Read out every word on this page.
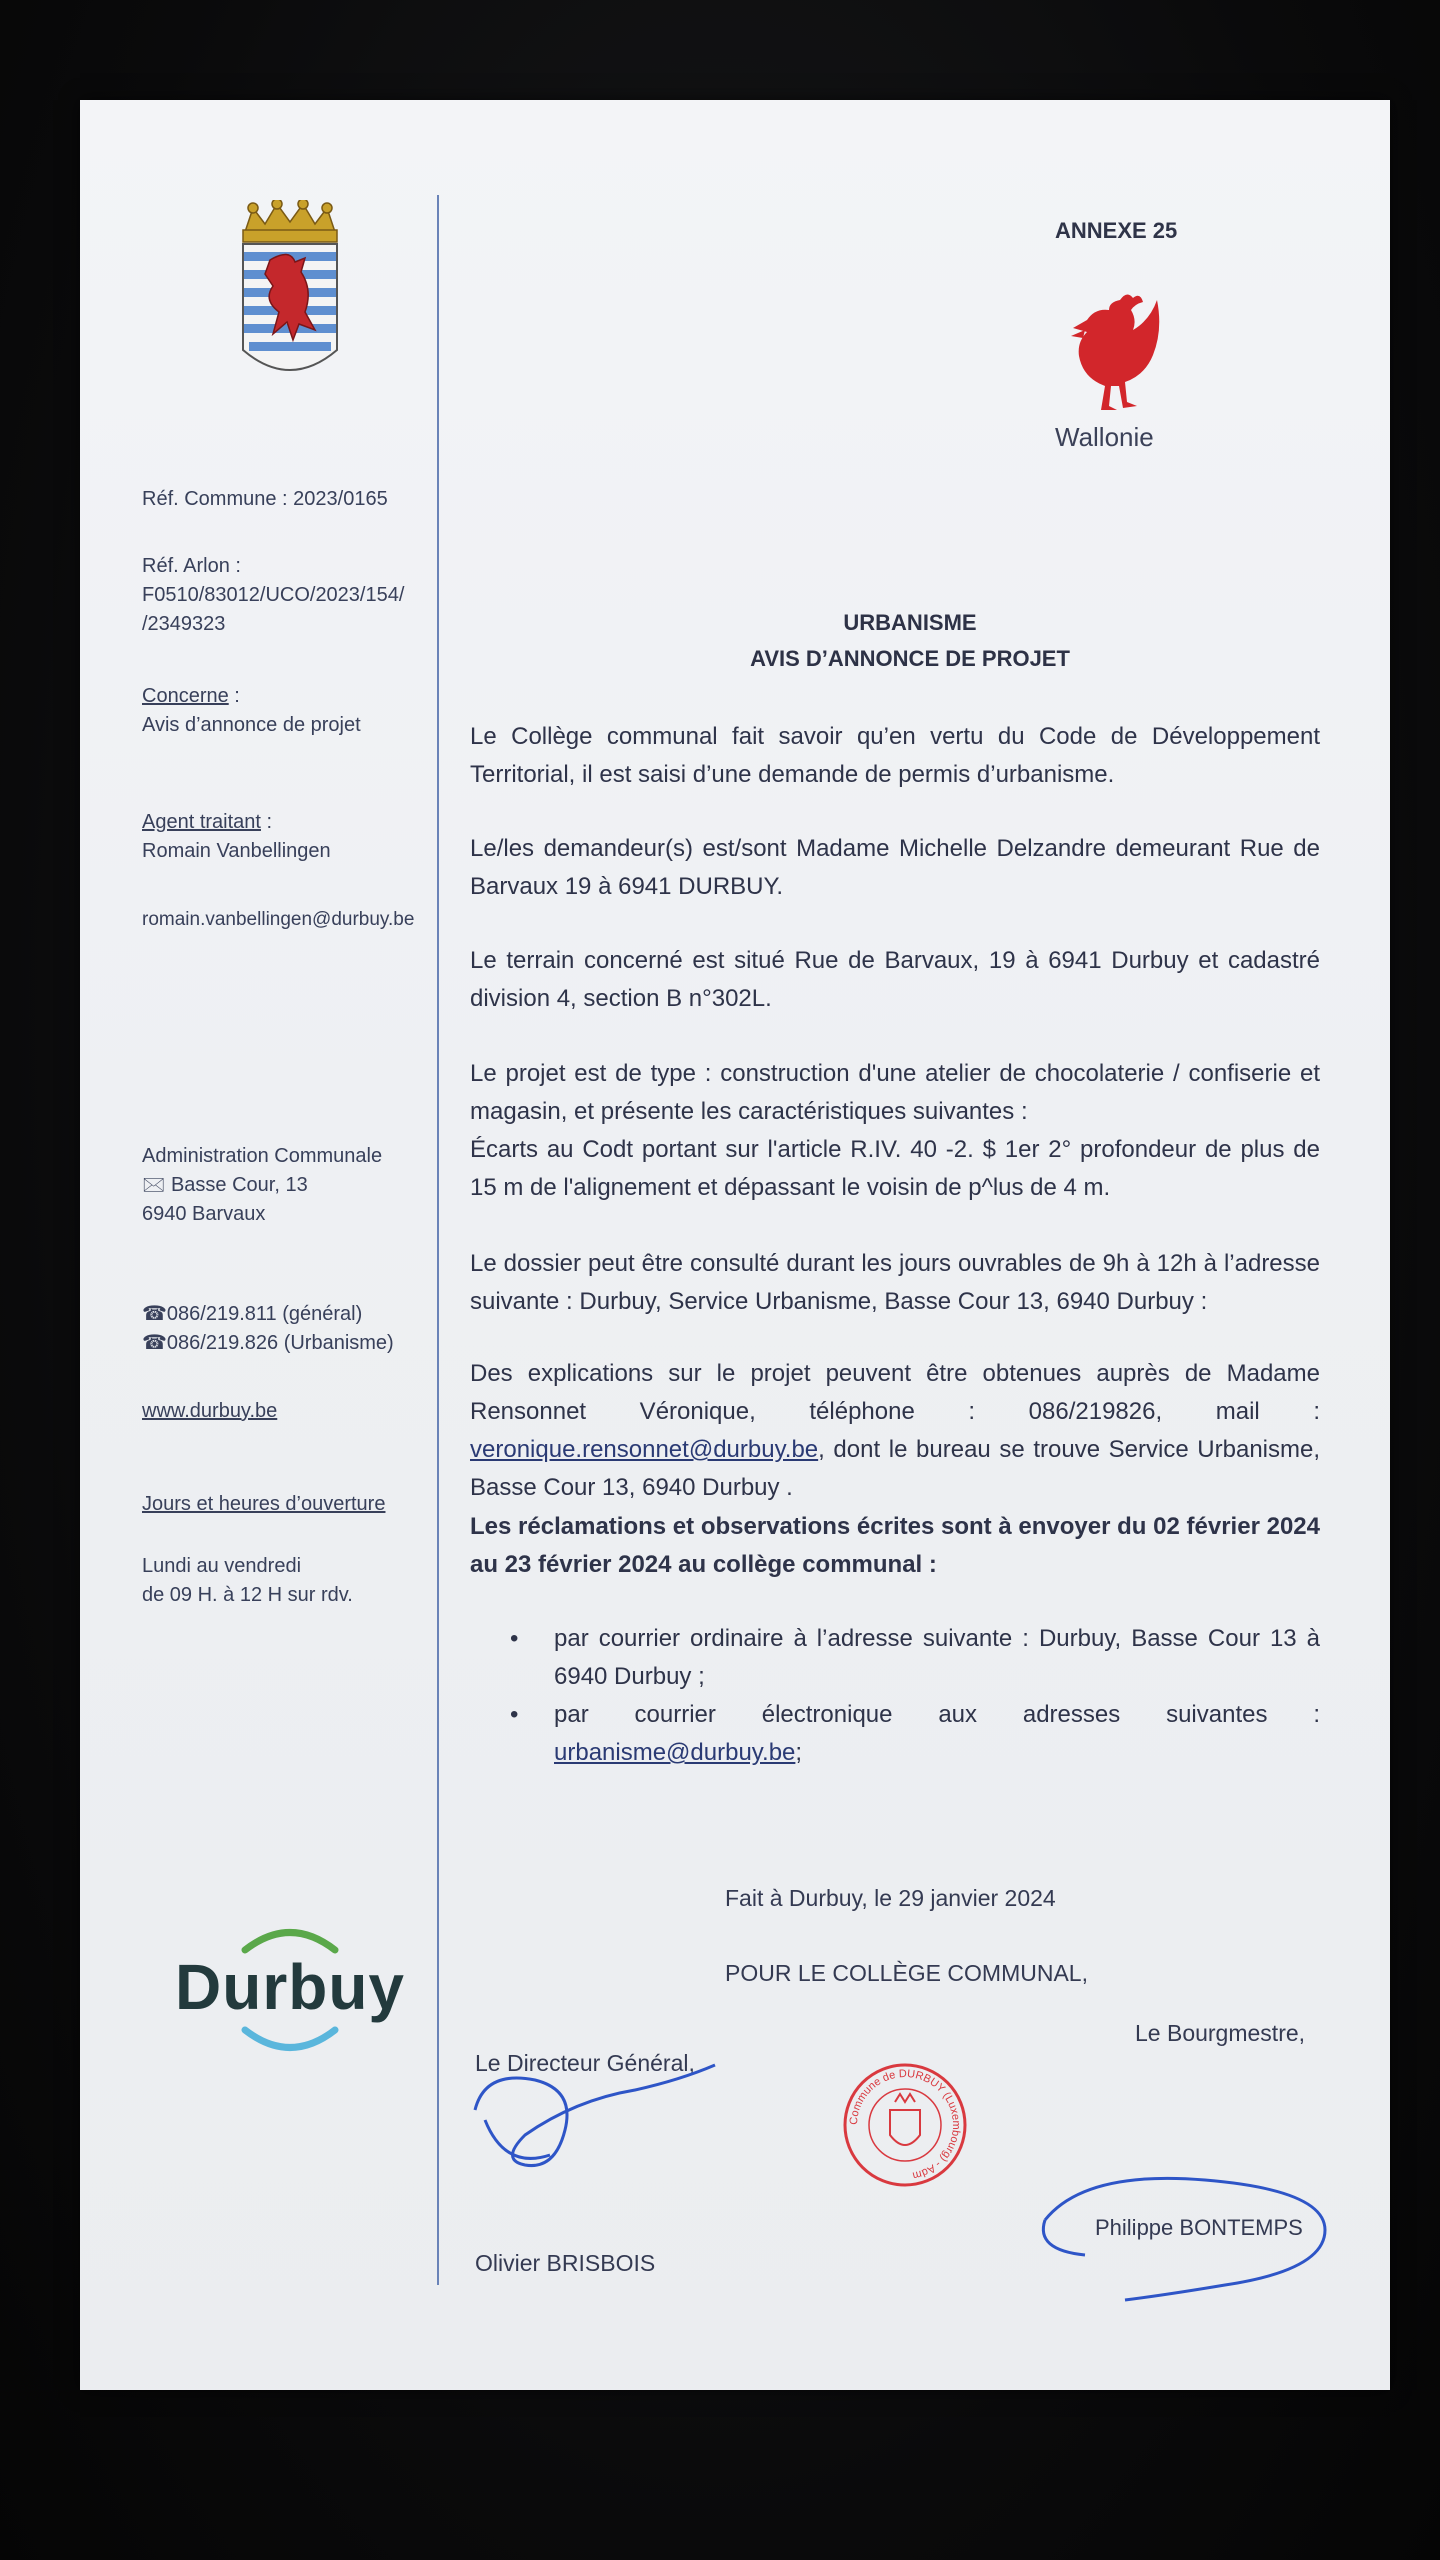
ANNEXE 25
Wallonie
Réf. Commune : 2023/0165
Réf. Arlon :
F0510/83012/UCO/2023/154/
/2349323
Concerne :
Avis d’annonce de projet
Agent traitant :
Romain Vanbellingen
romain.vanbellingen@durbuy.be
Administration Communale
🖂 Basse Cour, 13
6940 Barvaux
☎086/219.811 (général)
☎086/219.826 (Urbanisme)
www.durbuy.be
Jours et heures d’ouverture
Lundi au vendredi
de 09 H. à 12 H sur rdv.
Durbuy
URBANISME
AVIS D’ANNONCE DE PROJET

Le Collège communal fait savoir qu’en vertu du Code de Développement Territorial, il est saisi d’une demande de permis d’urbanisme.

Le/les demandeur(s) est/sont Madame Michelle Delzandre demeurant Rue de Barvaux 19 à 6941 DURBUY.

Le terrain concerné est situé Rue de Barvaux, 19 à 6941 Durbuy et cadastré division 4, section B n°302L.

Le projet est de type : construction d'une atelier de chocolaterie / confiserie et magasin, et présente les caractéristiques suivantes :

Écarts au Codt portant sur l'article R.IV. 40 -2. $ 1er 2° profondeur de plus de 15 m de l'alignement et dépassant le voisin de p^lus de 4 m.

Le dossier peut être consulté durant les jours ouvrables de 9h à 12h à l’adresse suivante : Durbuy, Service Urbanisme, Basse Cour 13, 6940 Durbuy :

Des explications sur le projet peuvent être obtenues auprès de Madame Rensonnet Véronique, téléphone : 086/219826, mail : veronique.rensonnet@durbuy.be, dont le bureau se trouve Service Urbanisme, Basse Cour 13, 6940 Durbuy .

Les réclamations et observations écrites sont à envoyer du 02 février 2024 au 23 février 2024 au collège communal :

•	par courrier ordinaire à l’adresse suivante : Durbuy, Basse Cour 13 à 6940 Durbuy ;
•	par courrier électronique aux adresses suivantes : urbanisme@durbuy.be;
Fait à Durbuy, le 29 janvier 2024
POUR LE COLLÈGE COMMUNAL,
Le Directeur Général,
Le Bourgmestre,
Olivier BRISBOIS
Commune de DURBUY (Luxembourg) - Adm
Philippe BONTEMPS
